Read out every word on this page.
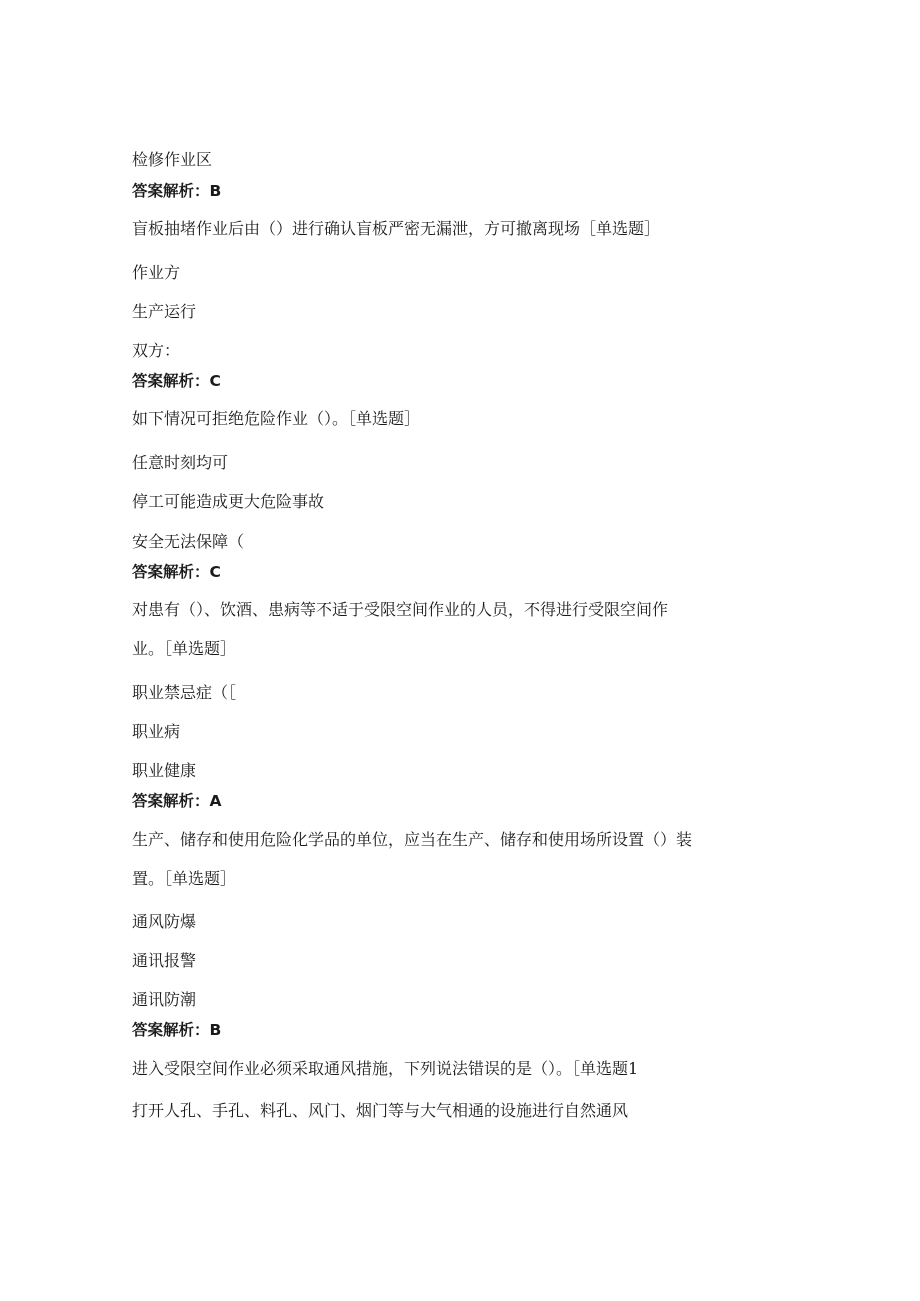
检修作业区
答案解析：B
盲板抽堵作业后由（）进行确认盲板严密无漏泄，方可撤离现场［单选题］
作业方
生产运行
双方：
答案解析：C
如下情况可拒绝危险作业（）。［单选题］
任意时刻均可
停工可能造成更大危险事故
安全无法保障（
答案解析：C
对患有（）、饮酒、患病等不适于受限空间作业的人员，不得进行受限空间作
业。［单选题］
职业禁忌症（［
职业病
职业健康
答案解析：A
生产、储存和使用危险化学品的单位，应当在生产、储存和使用场所设置（）装
置。［单选题］
通风防爆
通讯报警
通讯防潮
答案解析：B
进入受限空间作业必须采取通风措施，下列说法错误的是（）。［单选题1
打开人孔、手孔、料孔、风门、烟门等与大气相通的设施进行自然通风
